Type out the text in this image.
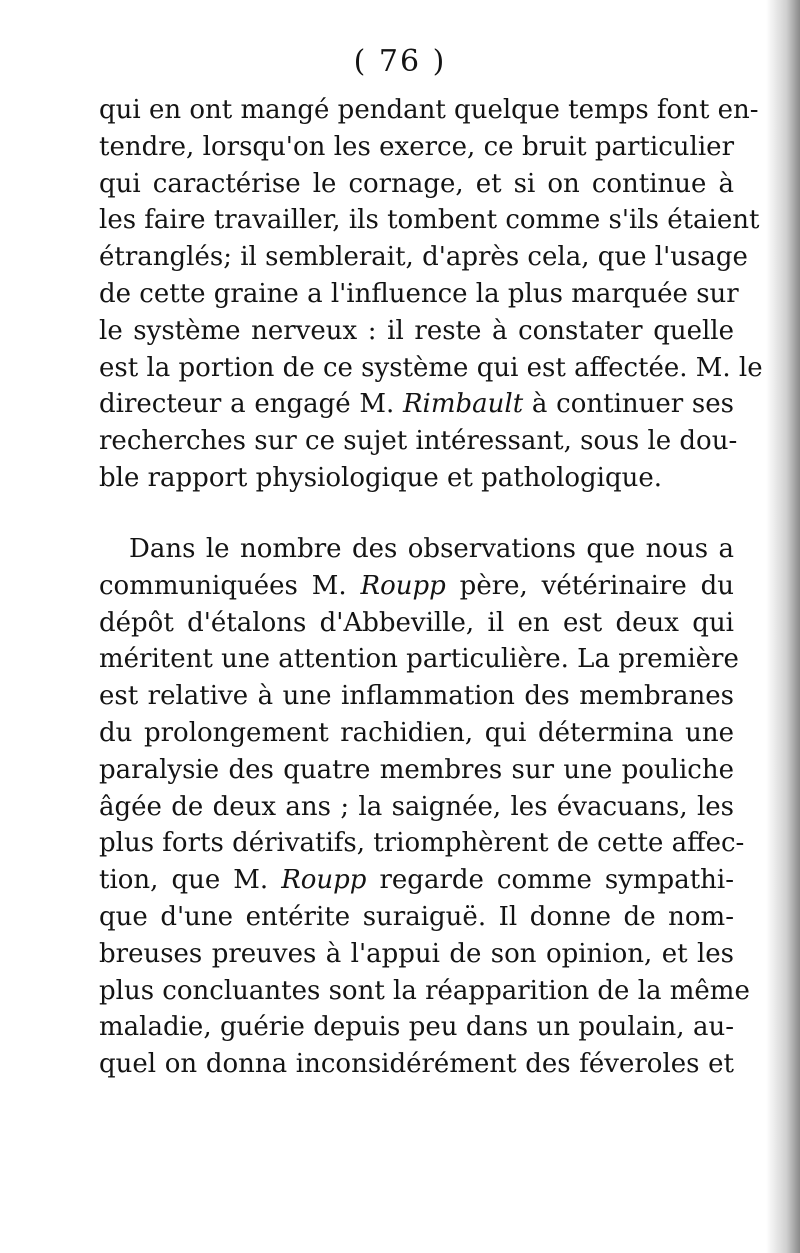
( 76 )
qui en ont mangé pendant quelque temps font en-
tendre, lorsqu'on les exerce, ce bruit particulier
qui caractérise le cornage, et si on continue à
les faire travailler, ils tombent comme s'ils étaient
étranglés; il semblerait, d'après cela, que l'usage
de cette graine a l'influence la plus marquée sur
le système nerveux : il reste à constater quelle
est la portion de ce système qui est affectée. M. le
directeur a engagé M. Rimbault à continuer ses
recherches sur ce sujet intéressant, sous le dou-
ble rapport physiologique et pathologique.
Dans le nombre des observations que nous a
communiquées M. Roupp père, vétérinaire du
dépôt d'étalons d'Abbeville, il en est deux qui
méritent une attention particulière. La première
est relative à une inflammation des membranes
du prolongement rachidien, qui détermina une
paralysie des quatre membres sur une pouliche
âgée de deux ans ; la saignée, les évacuans, les
plus forts dérivatifs, triomphèrent de cette affec-
tion, que M. Roupp regarde comme sympathi-
que d'une entérite suraiguë. Il donne de nom-
breuses preuves à l'appui de son opinion, et les
plus concluantes sont la réapparition de la même
maladie, guérie depuis peu dans un poulain, au-
quel on donna inconsidérément des féveroles et
